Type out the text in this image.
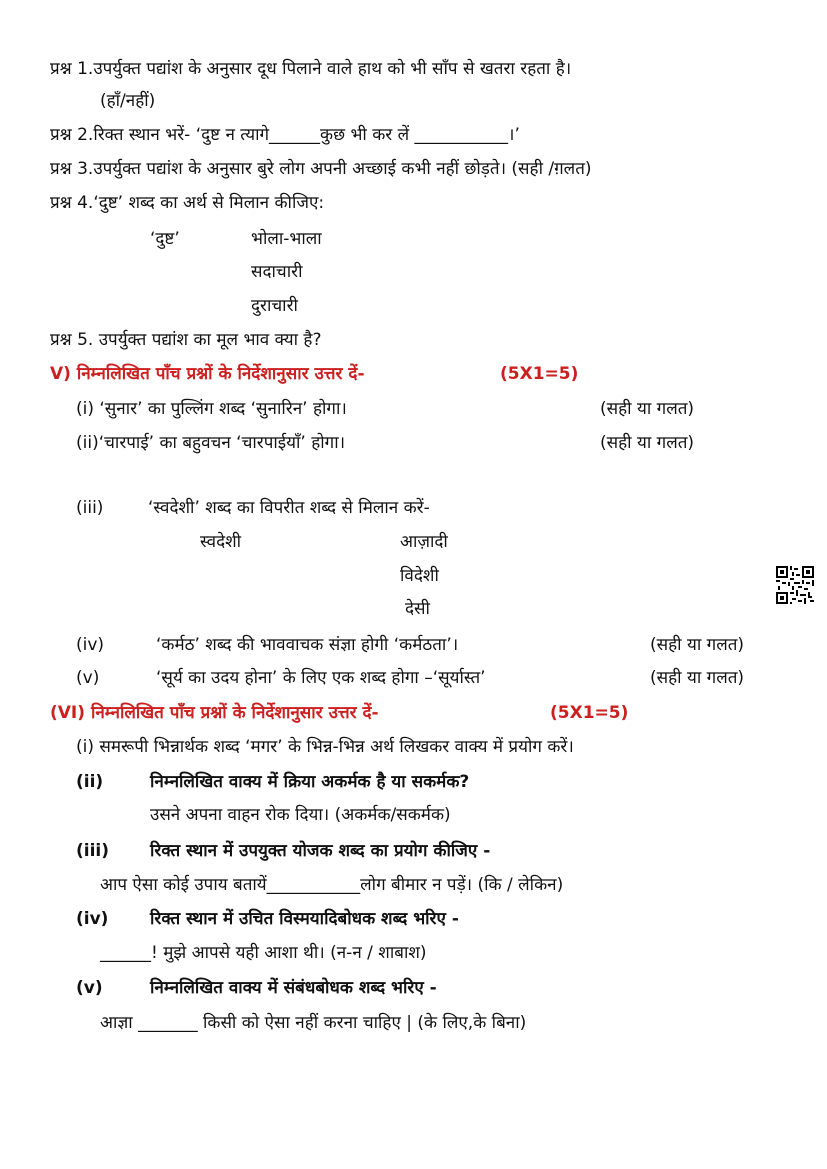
प्रश्न 1.उपर्युक्त पद्यांश के अनुसार दूध पिलाने वाले हाथ को भी साँप से खतरा रहता है।
(हाँ/नहीं)
प्रश्न 2.रिक्त स्थान भरें- ‘दुष्ट न त्यागे______कुछ भी कर लें ___________।’
प्रश्न 3.उपर्युक्त पद्यांश के अनुसार बुरे लोग अपनी अच्छाई कभी नहीं छोड़ते। (सही /ग़लत)
प्रश्न 4.‘दुष्ट’ शब्द का अर्थ से मिलान कीजिए:
‘दुष्ट’	भोला-भाला
सदाचारी
दुराचारी
प्रश्न 5. उपर्युक्त पद्यांश का मूल भाव क्या है?
V) निम्नलिखित पाँच प्रश्नों के निर्देशानुसार उत्तर दें-	(5X1=5)
(i) ‘सुनार’ का पुल्लिंग शब्द ‘सुनारिन’ होगा।	(सही या गलत)
(ii)‘चारपाई’ का बहुवचन ‘चारपाईयाँ’ होगा।	(सही या गलत)
(iii)	‘स्वदेशी’ शब्द का विपरीत शब्द से मिलान करें-
स्वदेशी	आज़ादी
विदेशी
देसी
(iv)	‘कर्मठ’ शब्द की भाववाचक संज्ञा होगी ‘कर्मठता’।	(सही या गलत)
(v)	‘सूर्य का उदय होना’ के लिए एक शब्द होगा –‘सूर्यास्त’	(सही या गलत)
(VI) निम्नलिखित पाँच प्रश्नों के निर्देशानुसार उत्तर दें-	(5X1=5)
(i) समरूपी भिन्नार्थक शब्द ‘मगर’ के भिन्न-भिन्न अर्थ लिखकर वाक्य में प्रयोग करें।
(ii)	निम्नलिखित वाक्य में क्रिया अकर्मक है या सकर्मक?
उसने अपना वाहन रोक दिया। (अकर्मक/सकर्मक)
(iii) रिक्त स्थान में उपयुक्त योजक शब्द का प्रयोग कीजिए -
आप ऐसा कोई उपाय बतायें___________लोग बीमार न पड़ें। (कि / लेकिन)
(iv) रिक्त स्थान में उचित विस्मयादिबोधक शब्द भरिए -
______! मुझे आपसे यही आशा थी। (न-न / शाबाश)
(v)	निम्नलिखित वाक्य में संबंधबोधक शब्द भरिए -
आज्ञा _______ किसी को ऐसा नहीं करना चाहिए | (के लिए,के बिना)
